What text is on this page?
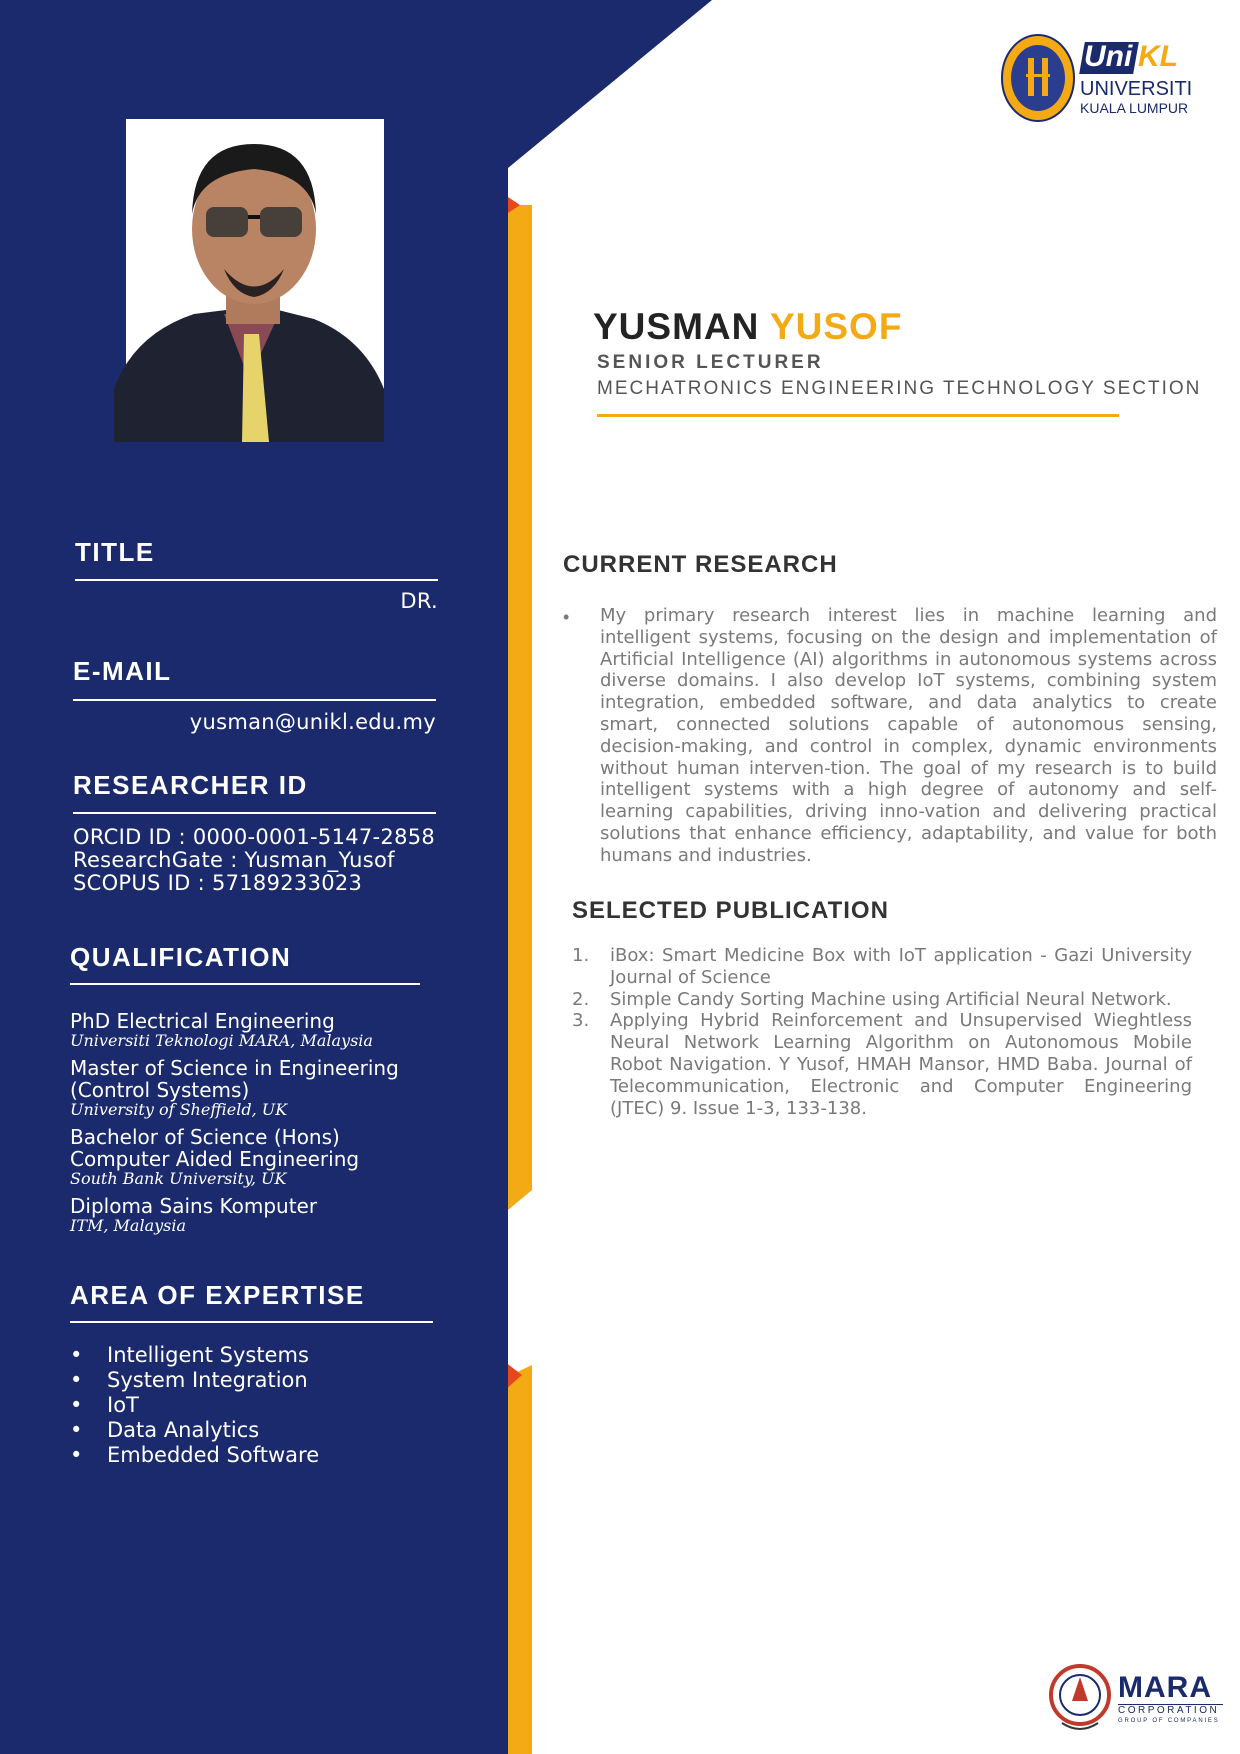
Uni KL
UNIVERSITI
KUALA LUMPUR
YUSMAN YUSOF
SENIOR LECTURER
MECHATRONICS ENGINEERING TECHNOLOGY SECTION
TITLE
DR.
E-MAIL
yusman@unikl.edu.my
RESEARCHER ID
ORCID ID : 0000-0001-5147-2858
ResearchGate : Yusman_Yusof
SCOPUS ID : 57189233023
QUALIFICATION
PhD Electrical Engineering
Universiti Teknologi MARA, Malaysia
Master of Science in Engineering (Control Systems)
University of Sheffield, UK
Bachelor of Science (Hons) Computer Aided Engineering
South Bank University, UK
Diploma Sains Komputer
ITM, Malaysia
AREA OF EXPERTISE
•	Intelligent Systems
•	System Integration
•	IoT
•	Data Analytics
•	Embedded Software
CURRENT RESEARCH
• My primary research interest lies in machine learning and intelligent systems, focusing on the design and implementation of Artificial Intelligence (AI) algorithms in autonomous systems across diverse domains. I also develop IoT systems, combining system integration, embedded software, and data analytics to create smart, connected solutions capable of autonomous sensing, decision-making, and control in complex, dynamic environments without human interven-tion. The goal of my research is to build intelligent systems with a high degree of autonomy and self-learning capabilities, driving inno-vation and delivering practical solutions that enhance efficiency, adaptability, and value for both humans and industries.
SELECTED PUBLICATION
1.	iBox: Smart Medicine Box with IoT application - Gazi University Journal of Science
2.	Simple Candy Sorting Machine using Artificial Neural Network.
3.	Applying Hybrid Reinforcement and Unsupervised Wieghtless Neural Network Learning Algorithm on Autonomous Mobile Robot Navigation. Y Yusof, HMAH Mansor, HMD Baba. Journal of Telecommunication, Electronic and Computer Engineering (JTEC) 9. Issue 1-3, 133-138.
MARA
CORPORATION
GROUP OF COMPANIES
